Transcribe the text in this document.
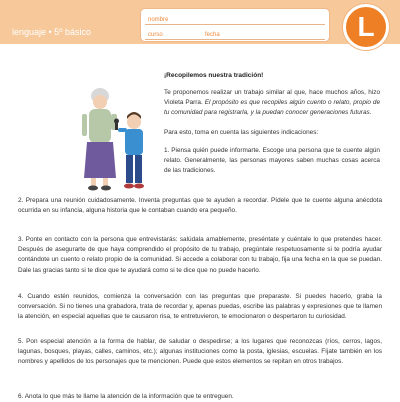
lenguaje • 5º básico
nombre
curso	fecha	L
¡Recopilemos nuestra tradición!
Te proponemos realizar un trabajo similar al que, hace muchos años, hizo Violeta Parra. El propósito es que recopiles algún cuento o relato, propio de tu comunidad para registrarla, y la puedan conocer generaciones futuras.
Para esto, toma en cuenta las siguientes indicaciones:
1. Piensa quién puede informarte. Escoge una persona que te cuente algún relato. Generalmente, las personas mayores saben muchas cosas acerca de las tradiciones.
2. Prepara una reunión cuidadosamente. Inventa preguntas que te ayuden a recordar. Pídele que te cuente alguna anécdota ocurrida en su infancia, alguna historia que le contaban cuando era pequeño.
3. Ponte en contacto con la persona que entrevistarás: salúdala amablemente, preséntate y cuéntale lo que pretendes hacer. Después de asegurarte de que haya comprendido el propósito de tu trabajo, pregúntale respetuosamente si te podría ayudar contándote un cuento o relato propio de la comunidad. Si accede a colaborar con tu trabajo, fija una fecha en la que se puedan. Dale las gracias tanto si te dice que te ayudará como si te dice que no puede hacerlo.
4. Cuando estén reunidos, comienza la conversación con las preguntas que preparaste. Si puedes hacerlo, graba la conversación. Si no tienes una grabadora, trata de recordar y, apenas puedas, escribe las palabras y expresiones que te llamen la atención, en especial aquellas que te causaron risa, te entretuvieron, te emocionaron o despertaron tu curiosidad.
5. Pon especial atención a la forma de hablar, de saludar o despedirse; a los lugares que reconozcas (ríos, cerros, lagos, lagunas, bosques, playas, calles, caminos, etc.); algunas instituciones como la posta, iglesias, escuelas. Fíjate también en los nombres y apellidos de los personajes que te mencionen. Puede que estos elementos se repitan en otros trabajos.
6. Anota lo que más te llame la atención de la información que te entreguen.
